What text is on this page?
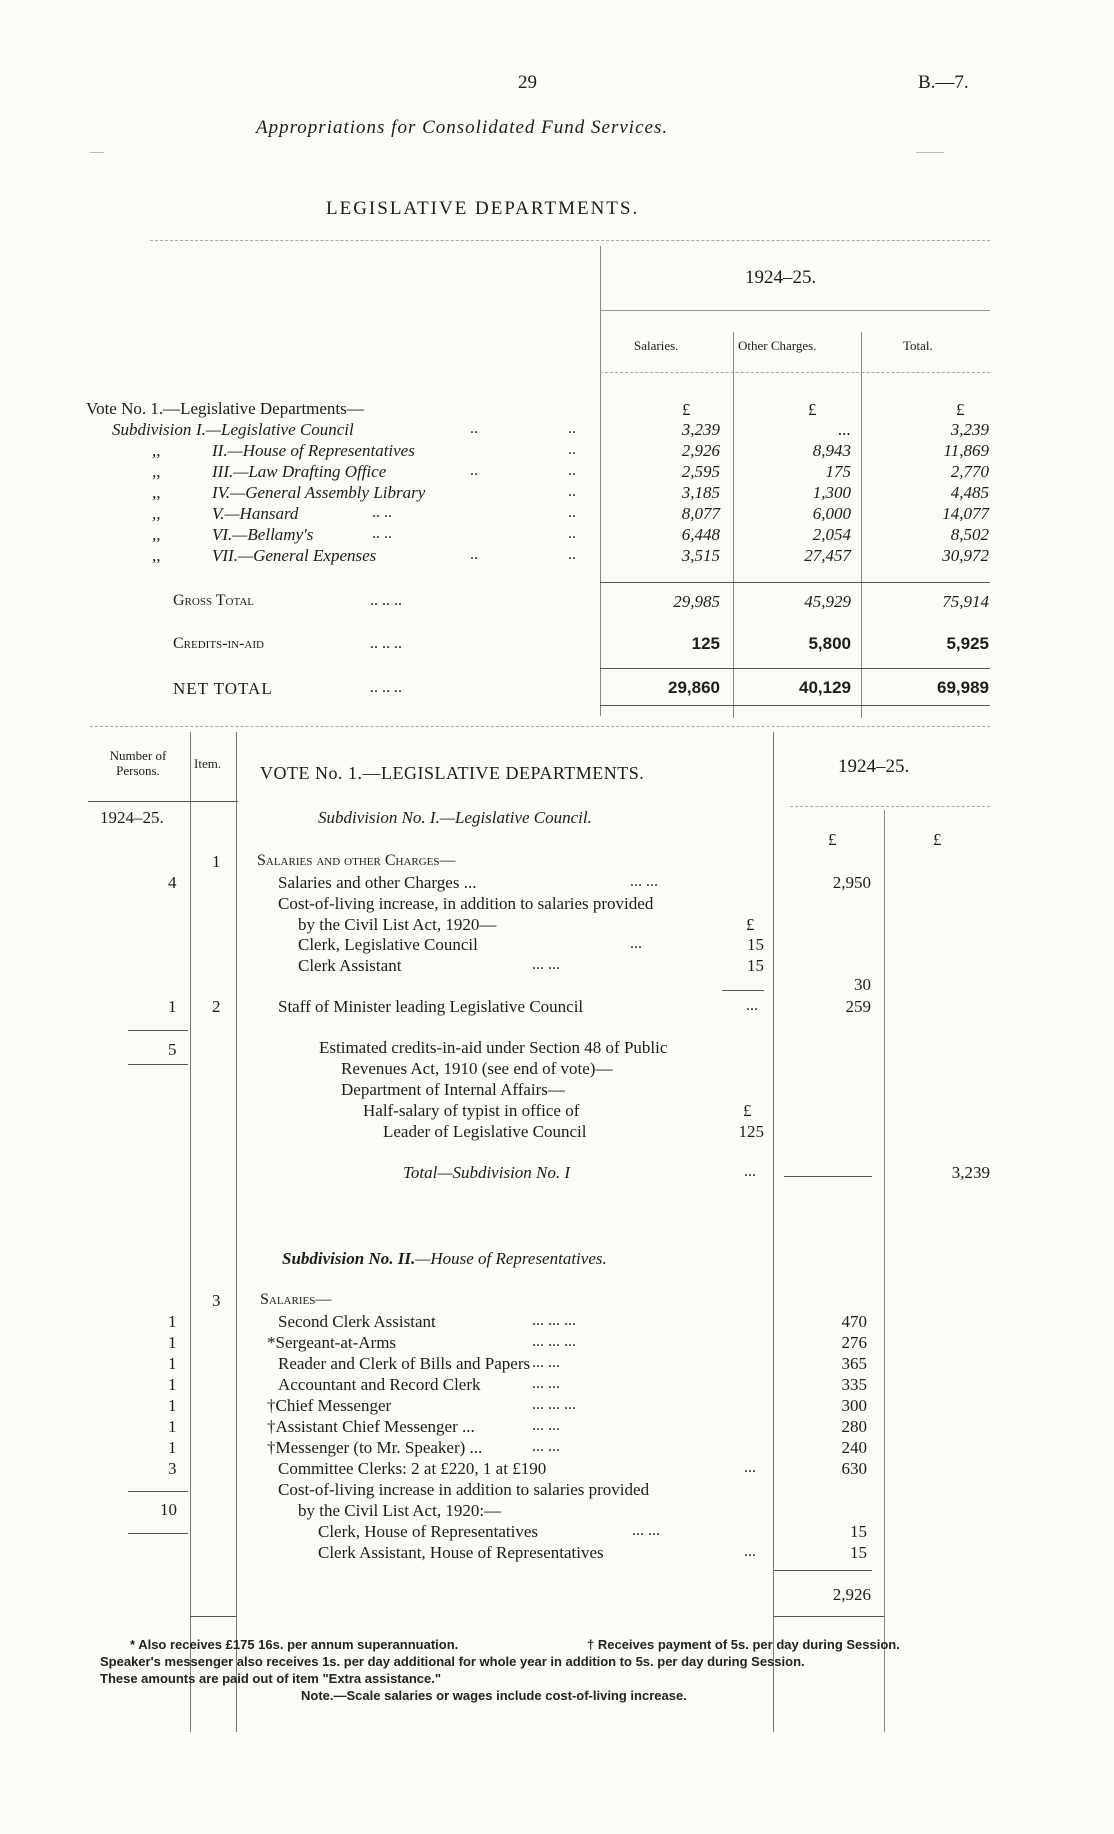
29	B.—7.
Appropriations for Consolidated Fund Services.
LEGISLATIVE DEPARTMENTS.
1924–25.
Salaries.	Other Charges.	Total.
£	£	£
Vote No. 1.—Legislative Departments—
Subdivision I.—Legislative Council	..	..	3,239	...	3,239
,,	II.—House of Representatives	..	2,926	8,943	11,869
,,	III.—Law Drafting Office	..	..	2,595	175	2,770
,,	IV.—General Assembly Library	..	3,185	1,300	4,485
,,	V.—Hansard	.. ..	..	8,077	6,000	14,077
,,	VI.—Bellamy's	.. ..	..	6,448	2,054	8,502
,,	VII.—General Expenses	..	..	3,515	27,457	30,972
Gross Total	.. .. ..	29,985	45,929	75,914
Credits-in-aid	.. .. ..	125	5,800	5,925
NET TOTAL	.. .. ..	29,860	40,129	69,989
Number of Persons.	Item. VOTE No. 1.—LEGISLATIVE DEPARTMENTS.	1924–25.
1924–25.	Subdivision No. I.—Legislative Council.
£	£
1 Salaries and other Charges—
4	Salaries and other Charges ...	... ...	2,950
Cost-of-living increase, in addition to salaries provided
by the Civil List Act, 1920—	£
Clerk, Legislative Council	...	15
Clerk Assistant	... ...	15
30
1 2	Staff of Minister leading Legislative Council	...	259
5	Estimated credits-in-aid under Section 48 of Public
Revenues Act, 1910 (see end of vote)—
Department of Internal Affairs—
Half-salary of typist in office of	£
Leader of Legislative Council	125
Total—Subdivision No. I	...	3,239
Subdivision No. II.—House of Representatives.
3 Salaries—
1	Second Clerk Assistant	... ... ...	470
1	*Sergeant-at-Arms	... ... ...	276
1	Reader and Clerk of Bills and Papers ... ...	365
1	Accountant and Record Clerk	... ...	335
1	†Chief Messenger	... ... ...	300
1	†Assistant Chief Messenger ...	... ...	280
1	†Messenger (to Mr. Speaker) ...	... ...	240
3	Committee Clerks: 2 at £220, 1 at £190	...	630
Cost-of-living increase in addition to salaries provided
by the Civil List Act, 1920:—
10
Clerk, House of Representatives	... ...	15
Clerk Assistant, House of Representatives	...	15
2,926
* Also receives £175 16s. per annum superannuation.	† Receives payment of 5s. per day during Session.
Speaker's messenger also receives 1s. per day additional for whole year in addition to 5s. per day during Session.
These amounts are paid out of item "Extra assistance."
Note.—Scale salaries or wages include cost-of-living increase.
